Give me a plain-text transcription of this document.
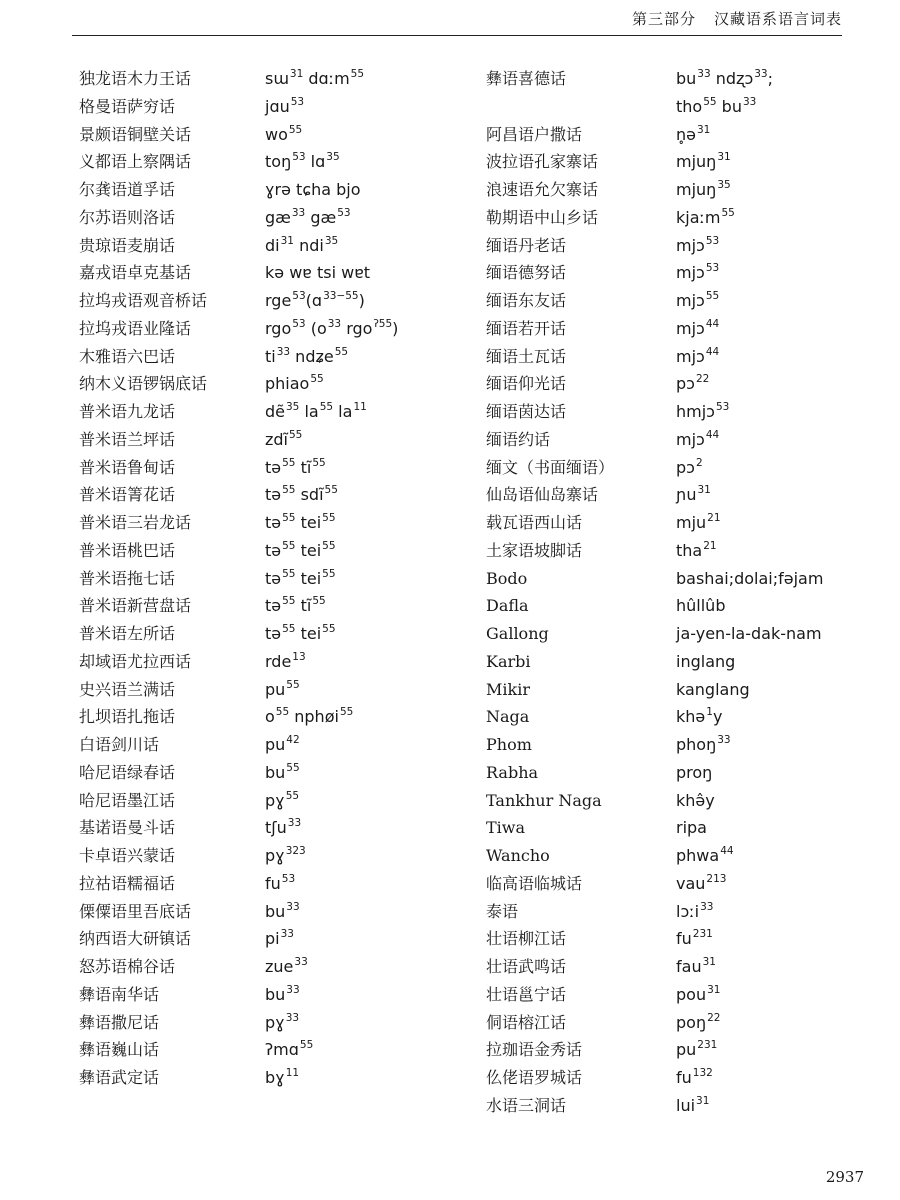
第三部分 汉藏语系语言词表
独龙语木力王话	sɯ$^{31}$ dɑːm$^{55}$
格曼语萨穷话	jɑu$^{53}$
景颇语铜壁关话	$wo^{55}$
义都语上察隅话	toŋ$^{53}$ lɑ$^{35}$
尔龚语道孚话	ɣrə tɕha bjo
尔苏语则洛话	$gæ^{33}$ $gæ^{53}$
贵琼语麦崩话	$di^{31}$ ndi$^{35}$
嘉戎语卓克基话	kə wɐ tsi wɐt
拉坞戎语观音桥话	rge$^{53}$(ɑ$^{33-55}$)
拉坞戎语业隆话	rgo$^{53}$ ($o^{33}$ rgo$^{ʔ55}$)
木雅语六巴话	$ti^{33}$ ndʑe$^{55}$
纳木义语锣锅底话	phiao$^{55}$
普米语九龙话	dẽ$^{35}$ $la^{55}$ $la^{11}$
普米语兰坪话	zdĩ$^{55}$
普米语鲁甸话	tə$^{55}$ $tĩ^{55}$
普米语箐花话	tə$^{55}$ sdĩ$^{55}$
普米语三岩龙话	tə$^{55}$ tei$^{55}$
普米语桃巴话	tə$^{55}$ tei$^{55}$
普米语拖七话	tə$^{55}$ tei$^{55}$
普米语新营盘话	tə$^{55}$ $tĩ^{55}$
普米语左所话	tə$^{55}$ tei$^{55}$
却域语尤拉西话	rde$^{13}$
史兴语兰满话	$pu^{55}$
扎坝语扎拖话	$o^{55}$ nphøi$^{55}$
白语剑川话	$pu^{42}$
哈尼语绿春话	$bu^{55}$
哈尼语墨江话	pɣ$^{55}$
基诺语曼斗话	tʃu$^{33}$
卡卓语兴蒙话	pɣ$^{323}$
拉祜语糯福话	$fu^{53}$
傈僳语里吾底话	$bu^{33}$
纳西语大研镇话	$pi^{33}$
怒苏语棉谷话	zue$^{33}$
彝语南华话	$bu^{33}$
彝语撒尼话	pɣ$^{33}$
彝语巍山话	ʔmɑ$^{55}$
彝语武定话	bɣ$^{11}$
彝语喜德话	$bu^{33}$ ndʐɔ$^{33}$;
tho$^{55}$ $bu^{33}$
阿昌语户撒话	n̥ə$^{31}$
波拉语孔家寨话	mjuŋ$^{31}$
浪速语允欠寨话	mjuŋ$^{35}$
勒期语中山乡话	kjaːm$^{55}$
缅语丹老话	mjɔ$^{53}$
缅语德努话	mjɔ$^{53}$
缅语东友话	mjɔ$^{55}$
缅语若开话	mjɔ$^{44}$
缅语土瓦话	mjɔ$^{44}$
缅语仰光话	pɔ$^{22}$
缅语茵达话	hmjɔ$^{53}$
缅语约话	mjɔ$^{44}$
缅文（书面缅语）	pɔ$^2$
仙岛语仙岛寨话	ɲu$^{31}$
载瓦语西山话	mju$^{21}$
土家语坡脚话	tha$^{21}$
Bodo	bashai;dolai;fəjam
Dafla	hûllûb
Gallong	ja-yen-la-dak-nam
Karbi	inglang
Mikir	kanglang
Naga	khə$^1$y
Phom	phoŋ$^{33}$
Rabha	proŋ
Tankhur Naga	khə̂y
Tiwa	ripa
Wancho	phwa$^{44}$
临高语临城话	vau$^{213}$
泰语	lɔːi$^{33}$
壮语柳江话	$fu^{231}$
壮语武鸣话	fau$^{31}$
壮语邕宁话	pou$^{31}$
侗语榕江话	poŋ$^{22}$
拉珈语金秀话	$pu^{231}$
仫佬语罗城话	$fu^{132}$
水语三洞话	lui$^{31}$
2937
